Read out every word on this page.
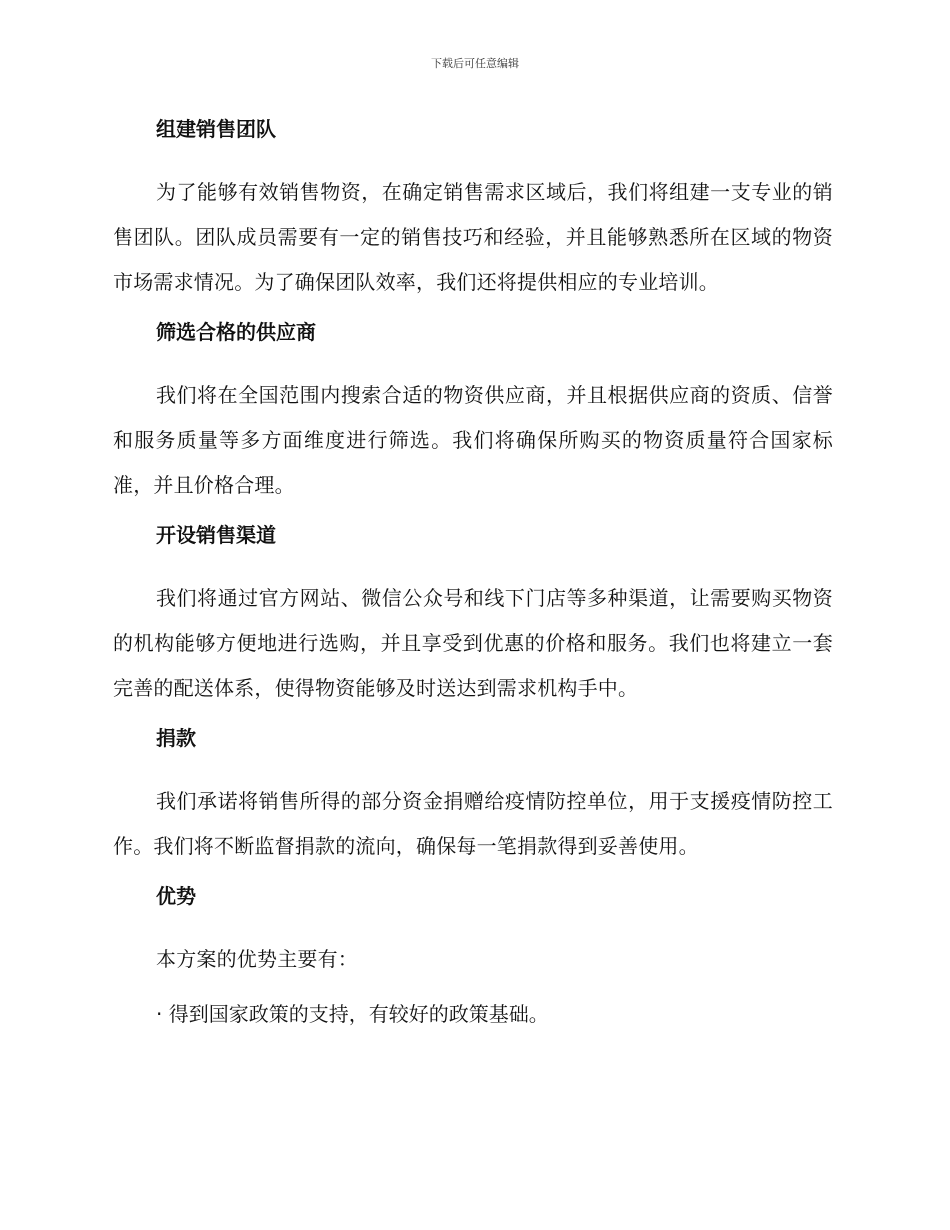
下载后可任意编辑
组建销售团队

为了能够有效销售物资，在确定销售需求区域后，我们将组建一支专业的销售团队。团队成员需要有一定的销售技巧和经验，并且能够熟悉所在区域的物资市场需求情况。为了确保团队效率，我们还将提供相应的专业培训。

筛选合格的供应商

我们将在全国范围内搜索合适的物资供应商，并且根据供应商的资质、信誉和服务质量等多方面维度进行筛选。我们将确保所购买的物资质量符合国家标准，并且价格合理。

开设销售渠道

我们将通过官方网站、微信公众号和线下门店等多种渠道，让需要购买物资的机构能够方便地进行选购，并且享受到优惠的价格和服务。我们也将建立一套完善的配送体系，使得物资能够及时送达到需求机构手中。

捐款

我们承诺将销售所得的部分资金捐赠给疫情防控单位，用于支援疫情防控工作。我们将不断监督捐款的流向，确保每一笔捐款得到妥善使用。

优势

本方案的优势主要有：

· 得到国家政策的支持，有较好的政策基础。
